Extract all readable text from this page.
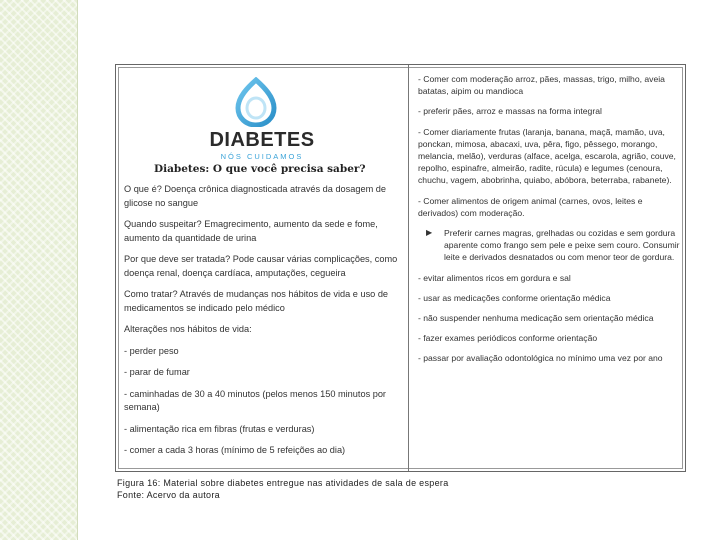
DIABETES
NÓS CUIDAMOS
Diabetes: O que você precisa saber?

O que é? Doença crônica diagnosticada através da dosagem de glicose no sangue

Quando suspeitar? Emagrecimento, aumento da sede e fome, aumento da quantidade de urina

Por que deve ser tratada? Pode causar várias complicações, como doença renal, doença cardíaca, amputações, cegueira

Como tratar? Através de mudanças nos hábitos de vida e uso de medicamentos se indicado pelo médico

Alterações nos hábitos de vida:

- perder peso

- parar de fumar

- caminhadas de 30 a 40 minutos (pelos menos 150 minutos por semana)

- alimentação rica em fibras (frutas e verduras)

- comer a cada 3 horas (mínimo de 5 refeições ao dia)

- Comer com moderação arroz, pães, massas, trigo, milho, aveia batatas, aipim ou mandioca

- preferir pães, arroz e massas na forma integral

- Comer diariamente frutas (laranja, banana, maçã, mamão, uva, ponckan, mimosa, abacaxi, uva, pêra, figo, pêssego, morango, melancia, melão), verduras (alface, acelga, escarola, agrião, couve, repolho, espinafre, almeirão, radite, rúcula) e legumes (cenoura, chuchu, vagem, abobrinha, quiabo, abóbora, beterraba, rabanete).

- Comer alimentos de origem animal (carnes, ovos, leites e derivados) com moderação.

▶	Preferir carnes magras, grelhadas ou cozidas e sem gordura aparente como frango sem pele e peixe sem couro. Consumir leite e derivados desnatados ou com menor teor de gordura.

- evitar alimentos ricos em gordura e sal

- usar as medicações conforme orientação médica

- não suspender nenhuma medicação sem orientação médica

- fazer exames periódicos conforme orientação

- passar por avaliação odontológica no mínimo uma vez por ano

Figura 16: Material sobre diabetes entregue nas atividades de sala de espera
Fonte: Acervo da autora
